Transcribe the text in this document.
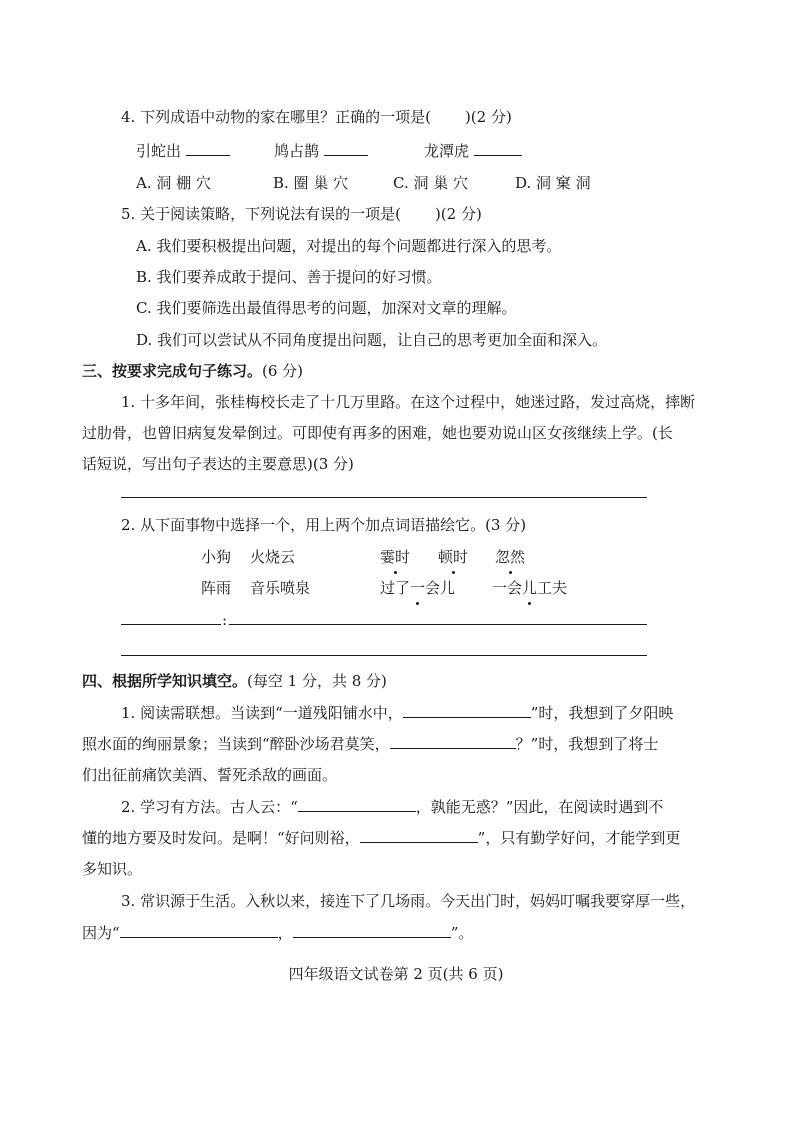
4. 下列成语中动物的家在哪里？正确的一项是( )(2 分)
引蛇出	鸠占鹊	龙潭虎
A. 洞 棚 穴	B. 圈 巢 穴	C. 洞 巢 穴	D. 洞 窠 洞
5. 关于阅读策略，下列说法有误的一项是( )(2 分)
A. 我们要积极提出问题，对提出的每个问题都进行深入的思考。
B. 我们要养成敢于提问、善于提问的好习惯。
C. 我们要筛选出最值得思考的问题，加深对文章的理解。
D. 我们可以尝试从不同角度提出问题，让自己的思考更加全面和深入。
三、按要求完成句子练习。(6 分)
1. 十多年间，张桂梅校长走了十几万里路。在这个过程中，她迷过路，发过高烧，摔断
过肋骨，也曾旧病复发晕倒过。可即使有再多的困难，她也要劝说山区女孩继续上学。(长
话短说，写出句子表达的主要意思)(3 分)
2. 从下面事物中选择一个，用上两个加点词语描绘它。(3 分)
小狗 火烧云
阵雨 音乐喷泉
霎时 顿时 忽然
过了一会儿 一会儿工夫
:
四、根据所学知识填空。(每空 1 分，共 8 分)
1. 阅读需联想。当读到“一道残阳铺水中，	”时，我想到了夕阳映
照水面的绚丽景象；当读到“醉卧沙场君莫笑，	？”时，我想到了将士
们出征前痛饮美酒、誓死杀敌的画面。
2. 学习有方法。古人云：“	，孰能无惑？”因此，在阅读时遇到不
懂的地方要及时发问。是啊！“好问则裕，	”，只有勤学好问，才能学到更
多知识。
3. 常识源于生活。入秋以来，接连下了几场雨。今天出门时，妈妈叮嘱我要穿厚一些，
因为“	，	”。
四年级语文试卷第 2 页(共 6 页)
